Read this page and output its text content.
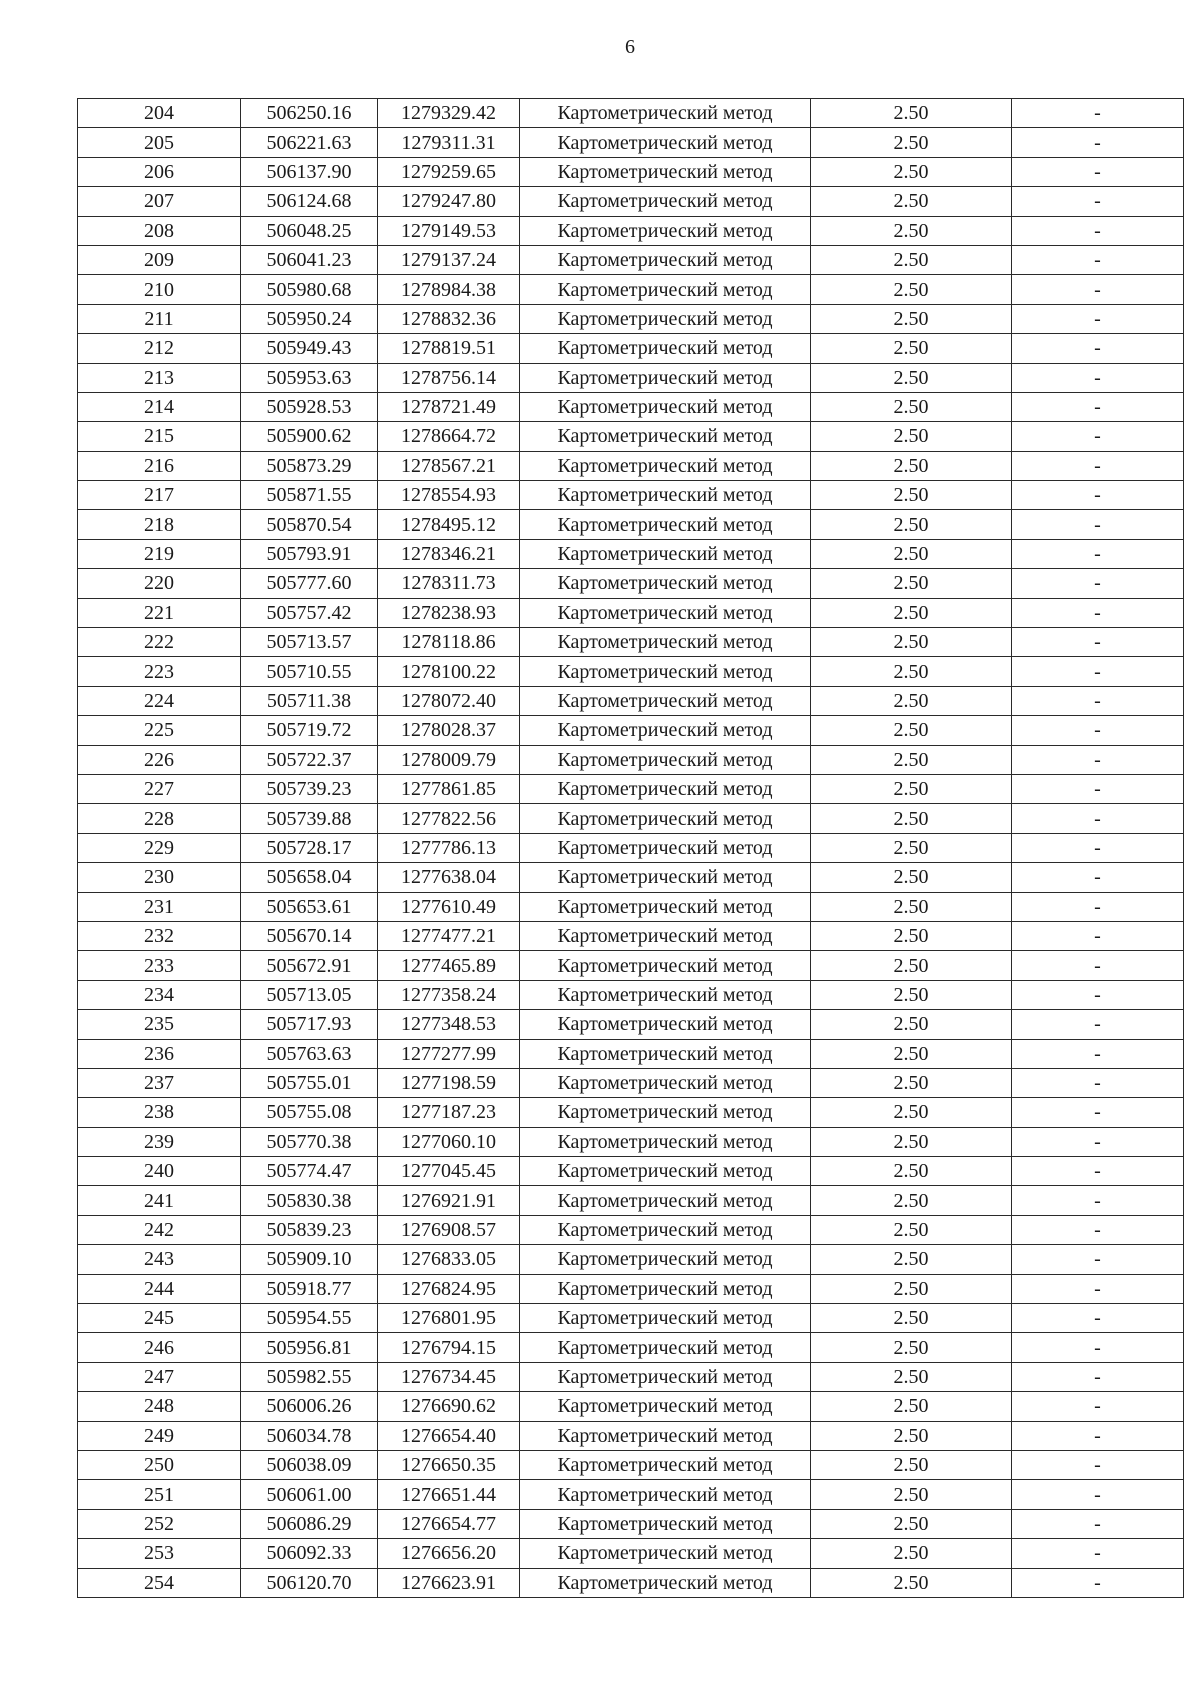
6
204	506250.16	1279329.42	Картометрический метод	2.50	-
205	506221.63	1279311.31	Картометрический метод	2.50	-
206	506137.90	1279259.65	Картометрический метод	2.50	-
207	506124.68	1279247.80	Картометрический метод	2.50	-
208	506048.25	1279149.53	Картометрический метод	2.50	-
209	506041.23	1279137.24	Картометрический метод	2.50	-
210	505980.68	1278984.38	Картометрический метод	2.50	-
211	505950.24	1278832.36	Картометрический метод	2.50	-
212	505949.43	1278819.51	Картометрический метод	2.50	-
213	505953.63	1278756.14	Картометрический метод	2.50	-
214	505928.53	1278721.49	Картометрический метод	2.50	-
215	505900.62	1278664.72	Картометрический метод	2.50	-
216	505873.29	1278567.21	Картометрический метод	2.50	-
217	505871.55	1278554.93	Картометрический метод	2.50	-
218	505870.54	1278495.12	Картометрический метод	2.50	-
219	505793.91	1278346.21	Картометрический метод	2.50	-
220	505777.60	1278311.73	Картометрический метод	2.50	-
221	505757.42	1278238.93	Картометрический метод	2.50	-
222	505713.57	1278118.86	Картометрический метод	2.50	-
223	505710.55	1278100.22	Картометрический метод	2.50	-
224	505711.38	1278072.40	Картометрический метод	2.50	-
225	505719.72	1278028.37	Картометрический метод	2.50	-
226	505722.37	1278009.79	Картометрический метод	2.50	-
227	505739.23	1277861.85	Картометрический метод	2.50	-
228	505739.88	1277822.56	Картометрический метод	2.50	-
229	505728.17	1277786.13	Картометрический метод	2.50	-
230	505658.04	1277638.04	Картометрический метод	2.50	-
231	505653.61	1277610.49	Картометрический метод	2.50	-
232	505670.14	1277477.21	Картометрический метод	2.50	-
233	505672.91	1277465.89	Картометрический метод	2.50	-
234	505713.05	1277358.24	Картометрический метод	2.50	-
235	505717.93	1277348.53	Картометрический метод	2.50	-
236	505763.63	1277277.99	Картометрический метод	2.50	-
237	505755.01	1277198.59	Картометрический метод	2.50	-
238	505755.08	1277187.23	Картометрический метод	2.50	-
239	505770.38	1277060.10	Картометрический метод	2.50	-
240	505774.47	1277045.45	Картометрический метод	2.50	-
241	505830.38	1276921.91	Картометрический метод	2.50	-
242	505839.23	1276908.57	Картометрический метод	2.50	-
243	505909.10	1276833.05	Картометрический метод	2.50	-
244	505918.77	1276824.95	Картометрический метод	2.50	-
245	505954.55	1276801.95	Картометрический метод	2.50	-
246	505956.81	1276794.15	Картометрический метод	2.50	-
247	505982.55	1276734.45	Картометрический метод	2.50	-
248	506006.26	1276690.62	Картометрический метод	2.50	-
249	506034.78	1276654.40	Картометрический метод	2.50	-
250	506038.09	1276650.35	Картометрический метод	2.50	-
251	506061.00	1276651.44	Картометрический метод	2.50	-
252	506086.29	1276654.77	Картометрический метод	2.50	-
253	506092.33	1276656.20	Картометрический метод	2.50	-
254	506120.70	1276623.91	Картометрический метод	2.50	-
